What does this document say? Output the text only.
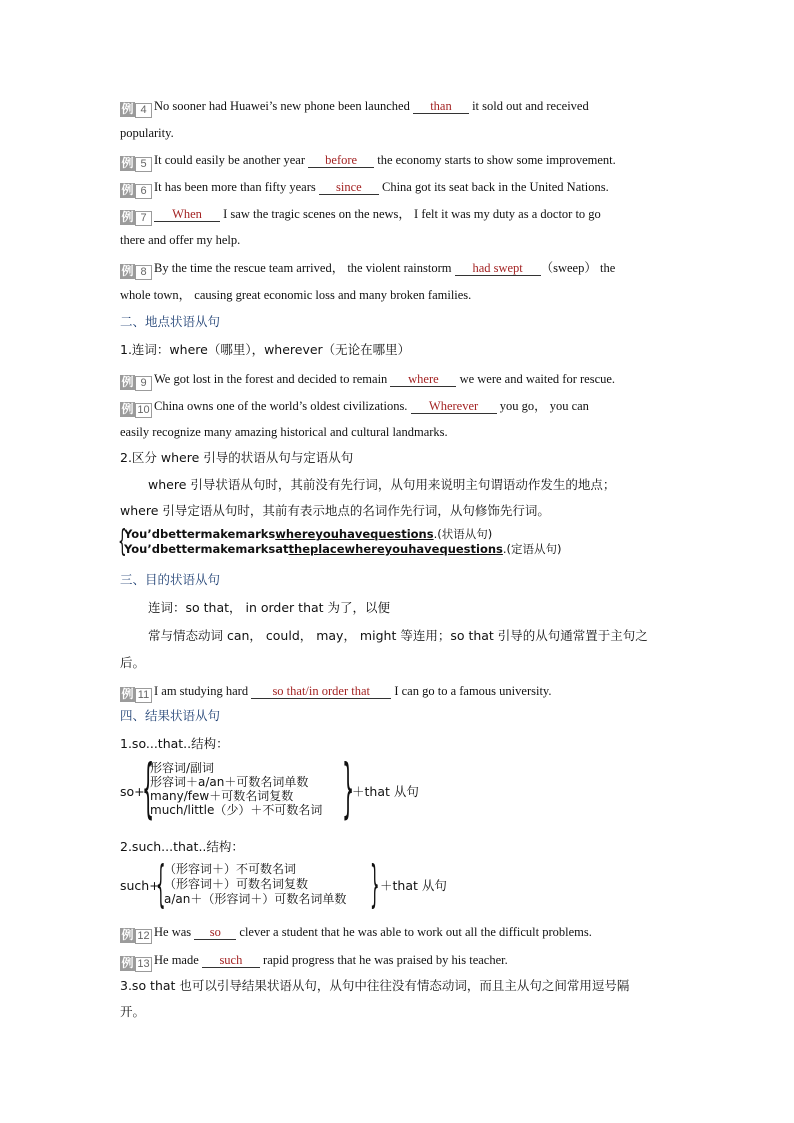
例 4 No sooner had Huawei’s new phone been launched than it sold out and received
popularity.
例 5 It could easily be another year before the economy starts to show some improvement.
例 6 It has been more than fifty years since China got its seat back in the United Nations.
例 7 When I saw the tragic scenes on the news， I felt it was my duty as a doctor to go
there and offer my help.
例 8 By the time the rescue team arrived， the violent rainstorm had swept （sweep） the
whole town， causing great economic loss and many broken families.
二、地点状语从句
1.连词：where（哪里），wherever（无论在哪里）
例 9 We got lost in the forest and decided to remain where we were and waited for rescue.
例 10 China owns one of the world’s oldest civilizations. Wherever you go， you can
easily recognize many amazing historical and cultural landmarks.
2.区分 where 引导的状语从句与定语从句
where 引导状语从句时，其前没有先行词，从句用来说明主句谓语动作发生的地点；
where 引导定语从句时，其前有表示地点的名词作先行词，从句修饰先行词。
{
You’dbettermakemarkswhereyouhavequestions.(状语从句)
You’dbettermakemarksattheplacewhereyouhavequestions.(定语从句)
三、目的状语从句
连词：so that， in order that 为了，以便
常与情态动词 can， could， may， might 等连用；so that 引导的从句通常置于主句之
后。
例 11 I am studying hard so that/in order that I can go to a famous university.
四、结果状语从句
1.so...that..结构：
so+
{
形容词/副词
形容词＋a/an＋可数名词单数
many/few＋可数名词复数
much/little（少）＋不可数名词 }
＋that 从句
2.such...that..结构：
such+
{
（形容词＋）不可数名词
（形容词＋）可数名词复数
a/an＋（形容词＋）可数名词单数 } ＋that 从句
例 12 He was so clever a student that he was able to work out all the difficult problems.
例 13 He made such rapid progress that he was praised by his teacher.
3.so that 也可以引导结果状语从句，从句中往往没有情态动词，而且主从句之间常用逗号隔
开。
